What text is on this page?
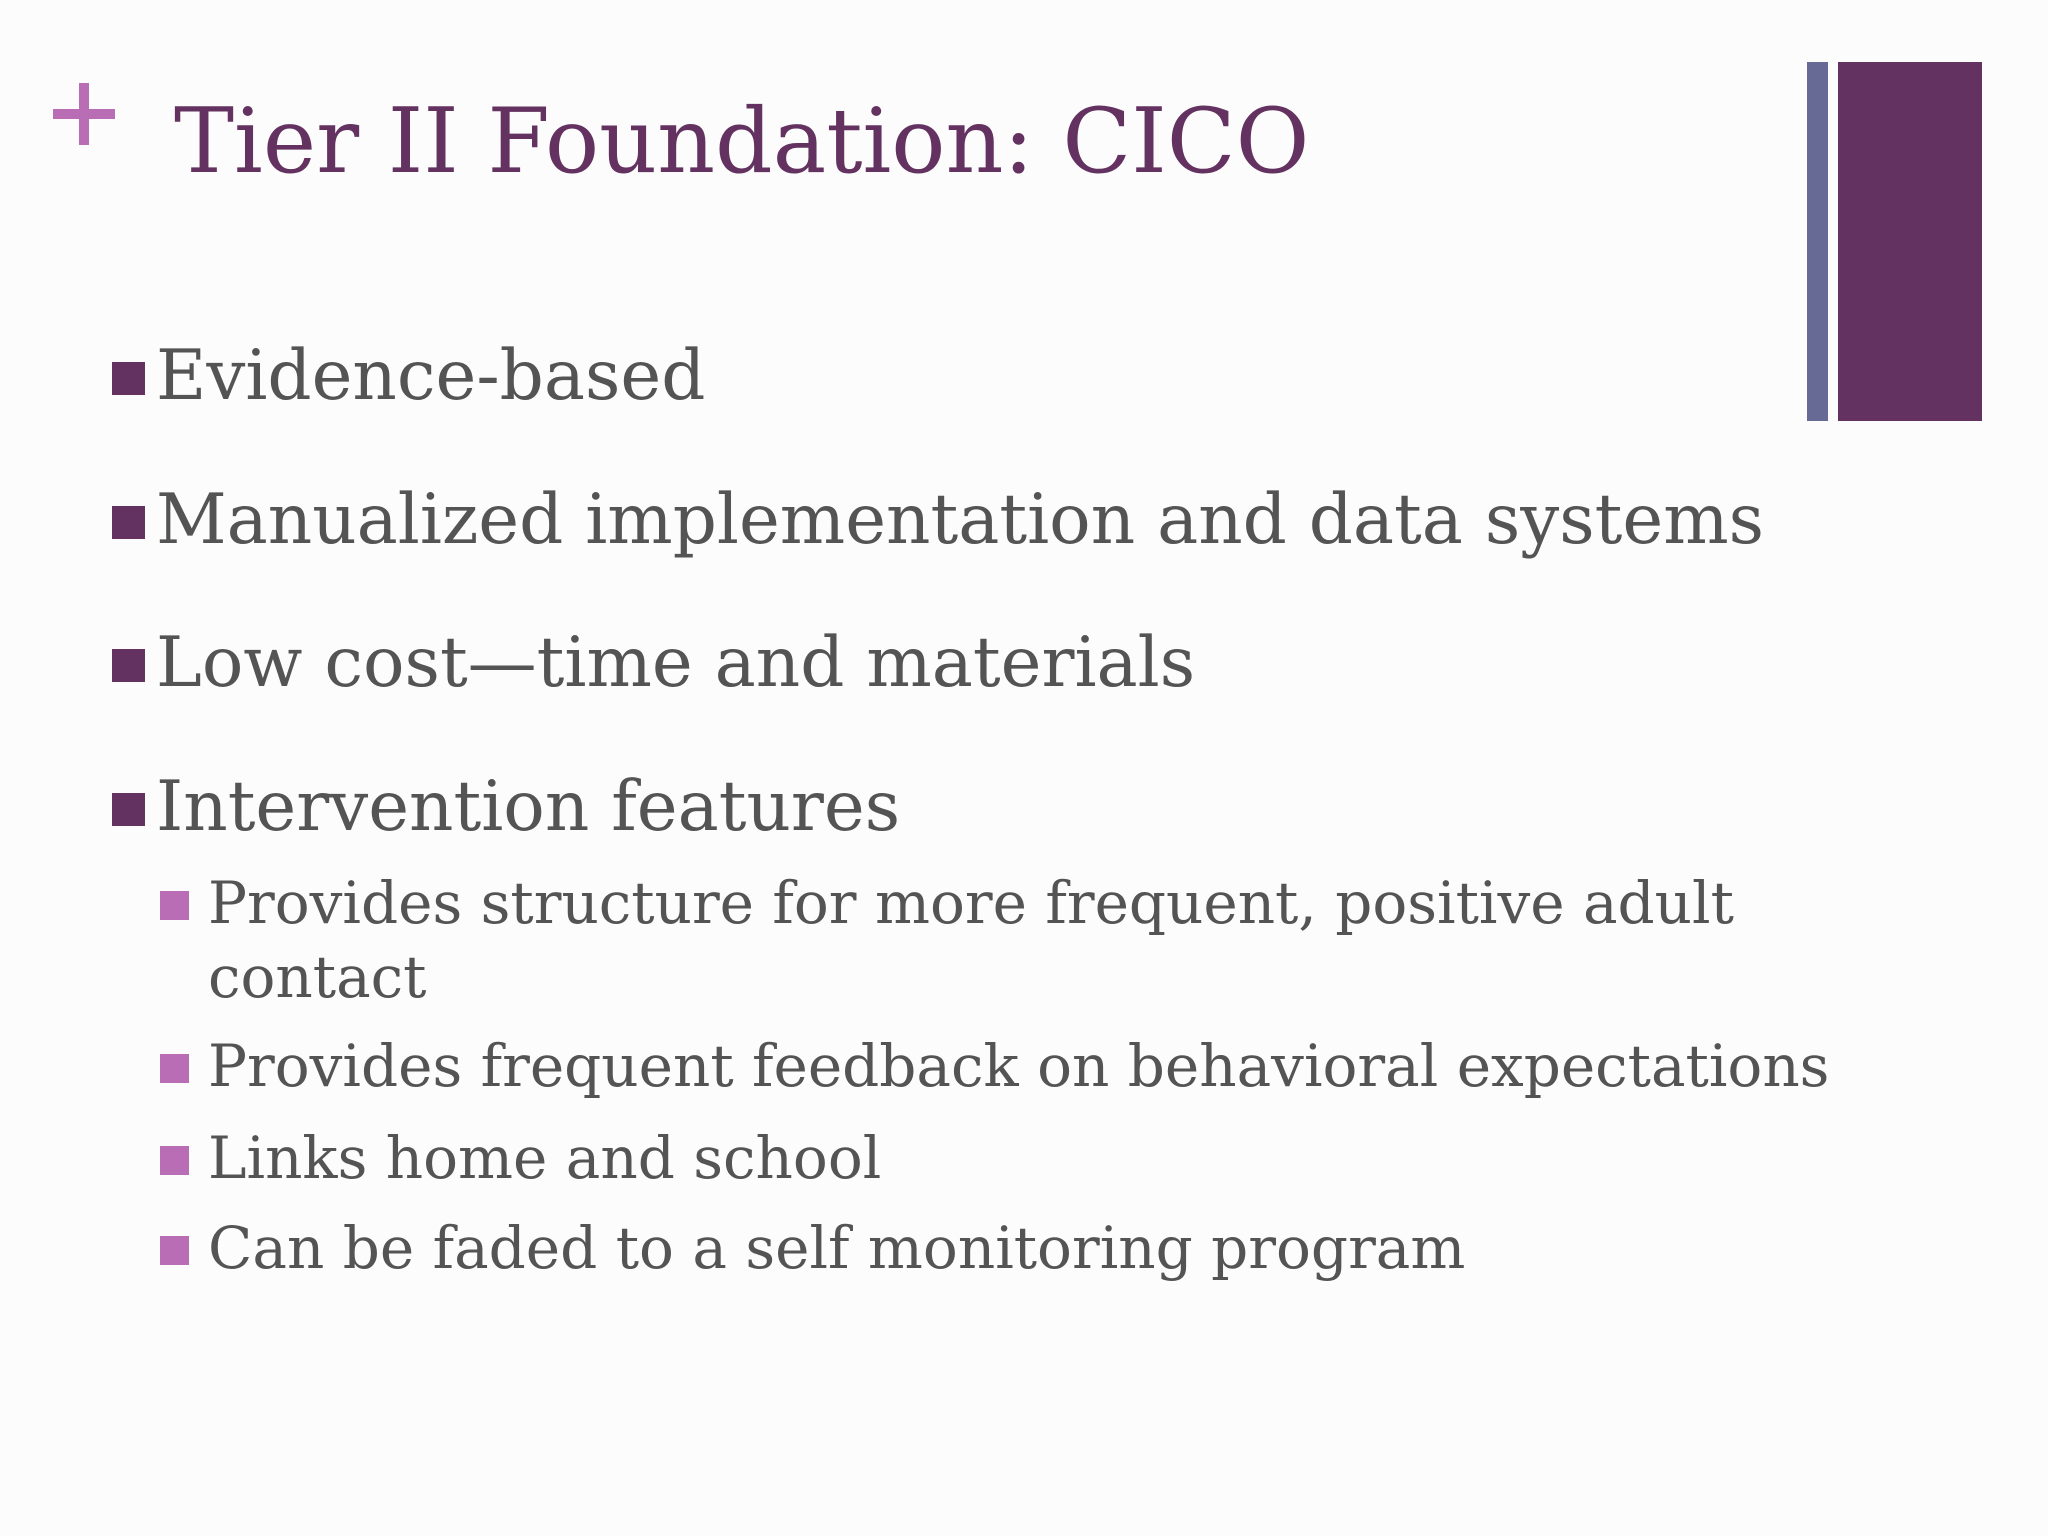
Tier II Foundation: CICO
Evidence-based
Manualized implementation and data systems
Low cost—time and materials
Intervention features
Provides structure for more frequent, positive adult
contact
Provides frequent feedback on behavioral expectations
Links home and school
Can be faded to a self monitoring program
